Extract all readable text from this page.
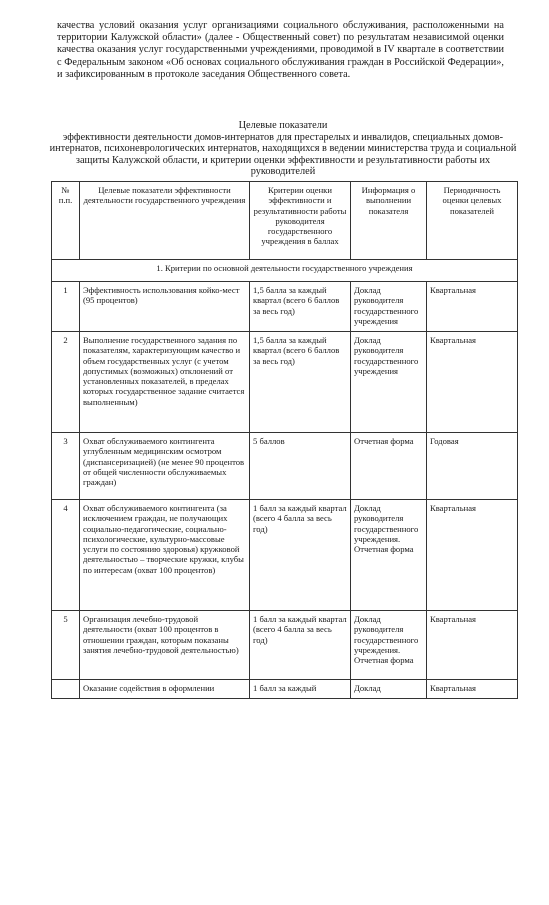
качества условий оказания услуг организациями социального обслуживания, расположенными на территории Калужской области» (далее - Общественный совет) по результатам независимой оценки качества оказания услуг государственными учреждениями, проводимой в IV квартале в соответствии с Федеральным законом «Об основах социального обслуживания граждан в Российской Федерации», и зафиксированным в протоколе заседания Общественного совета.
Целевые показатели
эффективности деятельности домов-интернатов для престарелых и инвалидов, специальных домов-интернатов, психоневрологических интернатов, находящихся в ведении министерства труда и социальной защиты Калужской области, и критерии оценки эффективности и результативности работы их руководителей
№ п.п.	Целевые показатели эффективности деятельности государственного учреждения	Критерии оценки эффективности и результативности работы руководителя государственного учреждения в баллах	Информация о выполнении показателя	Периодичность оценки целевых показателей
1. Критерии по основной деятельности государственного учреждения				
1	Эффективность использования койко-мест (95 процентов)	1,5 балла за каждый квартал (всего 6 баллов за весь год)	Доклад руководителя государственного учреждения	Квартальная
2	Выполнение государственного задания по показателям, характеризующим качество и объем государственных услуг (с учетом допустимых (возможных) отклонений от установленных показателей, в пределах которых государственное задание считается выполненным)	1,5 балла за каждый квартал (всего 6 баллов за весь год)	Доклад руководителя государственного учреждения	Квартальная
3	Охват обслуживаемого контингента углубленным медицинским осмотром (диспансеризацией) (не менее 90 процентов от общей численности обслуживаемых граждан)	5 баллов	Отчетная форма	Годовая
4	Охват обслуживаемого контингента (за исключением граждан, не получающих социально-педагогические, социально-психологические, культурно-массовые услуги по состоянию здоровья) кружковой деятельностью – творческие кружки, клубы по интересам (охват 100 процентов)	1 балл за каждый квартал (всего 4 балла за весь год)	Доклад руководителя государственного учреждения. Отчетная форма	Квартальная
5	Организация лечебно-трудовой деятельности (охват 100 процентов в отношении граждан, которым показаны занятия лечебно-трудовой деятельностью)	1 балл за каждый квартал (всего 4 балла за весь год)	Доклад руководителя государственного учреждения. Отчетная форма	Квартальная
	Оказание содействия в оформлении	1 балл за каждый	Доклад	Квартальная
